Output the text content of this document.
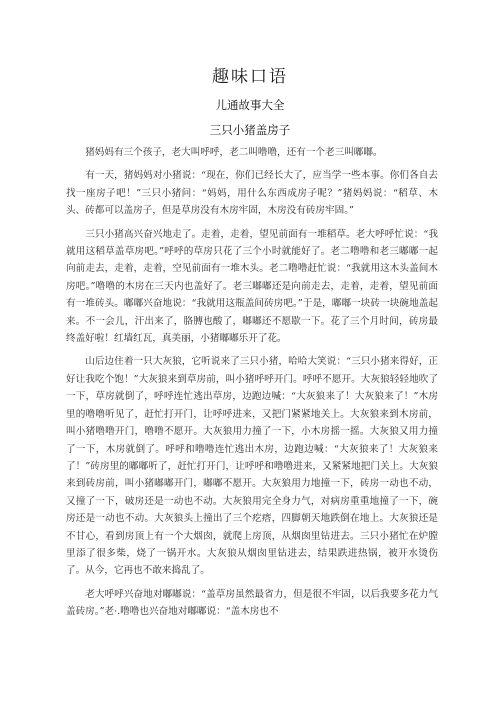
趣味口语
儿通故事大全
三只小猪盖房子

猪妈妈有三个孩子，老大叫呼呼，老二叫噜噜，还有一个老三叫嘟嘟。

有一天，猪妈妈对小猪说：“现在，你们已经长大了，应当学一些本事。你们各自去找一座房子吧！”三只小猪问：“妈妈，用什么东西成房子呢？”猪妈妈说：“稻草、木头、砖都可以盖房子，但是草房没有木房牢固，木房没有砖房牢固。”

三只小猪高兴奋兴地走了。走着，走着，望见前面有一堆稻草。老大呼呼忙说：“我就用这稻草盖草房吧。”呼呼的草房只花了三个小时就能好了。老二噜噜和老三嘟嘟一起向前走去，走着，走着，空见前面有一堆木头。老二噜噜赶忙说：“我就用这木头盖间木房吧。”噜噜的木房在三天内也盖好了。老三嘟嘟还是向前走去，走着，走着，望见前面有一堆砖头。嘟嘟兴奋地说：“我就用这瓶盖间砖房吧。”于是，嘟嘟一块砖一块碗地盖起来。不一会儿，汗出来了，胳膊也酸了，嘟嘟还不愿歇一下。花了三个月时间，砖房最终盖好啦！红墙红瓦，真美丽，小猪嘟嘟乐开了花。

山后边住着一只大灰狼，它听说来了三只小猪，哈哈大笑说：“三只小猪来得好，正好让我吃个饱！”大灰狼来到草房前，叫小猪呼呼开门。呼呼不愿开。大灰狼轻轻地吹了一下，草房就倒了，呼呼连忙逃出草房，边跑边喊：“大灰狼来了！大灰狼来了！”木房里的噜噜听见了，赶忙打开门，让呼呼进来，又把门紧紧地关上。大灰狼来到木房前，叫小猪噜噜开门，噜噜不愿开。大灰狼用力撞了一下，小木房摇一摇。大灰狼又用力撞了一下，木房就倒了。呼呼和噜噜连忙逃出木房，边跑边喊：“大灰狼来了！大灰狼来了！”砖房里的嘟嘟听了，赶忙打开门，让呼呼和噜噜进来，又紧紧地把门关上。大灰狼来到砖房前，叫小猪嘟嘟开门，嘟嘟不愿开。大灰狼用力地撞一下，砖房一动也不动，又撞了一下，破房还是一动也不动。大灰狼用完全身力气，对病房重重地撞了一下，碗房还是一动也不动。大灰狼头上撞出了三个疙瘩，四脚朝天地跌倒在地上。大灰狼还是不甘心，看到房顶上有一个大烟囱，就爬上房顶，从烟囱里钻进去。三只小猪忙在炉膛里添了很多柴，烧了一锅开水。大灰狼从烟囱里钻进去，结果跌进热锅，被开水烫伤了。从今，它再也不敢来捣乱了。

老大呼呼兴奋地对嘟嘟说：“盖草房虽然最省力，但是很不牢固，以后我要多花力气盖砖房。”老·.噜噜也兴奋地对嘟嘟说：“盖木房也不
